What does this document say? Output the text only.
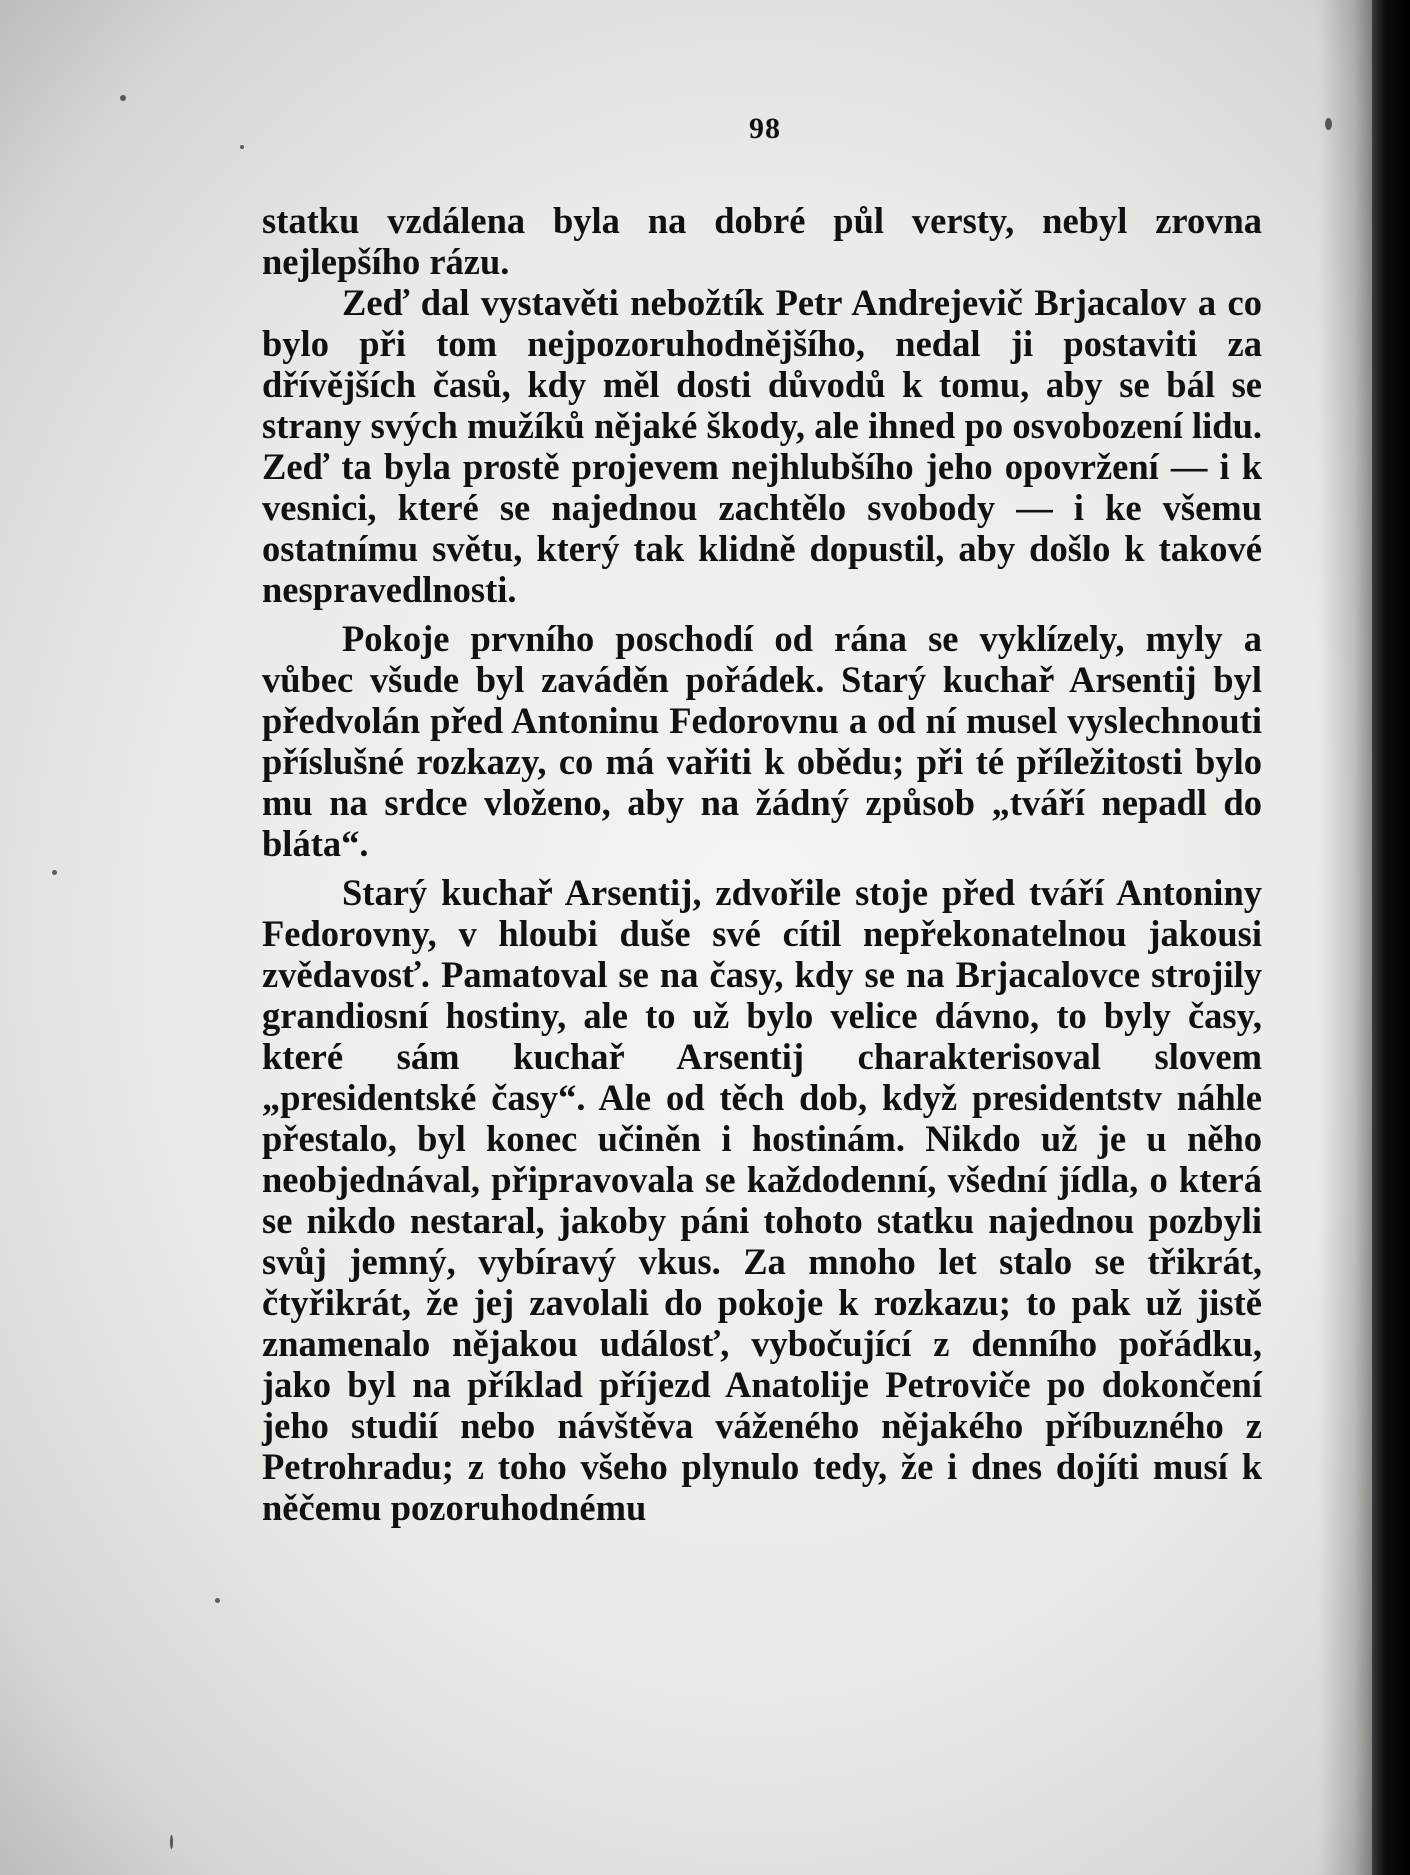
98

statku vzdálena byla na dobré půl versty, nebyl zrovna nejlepšího rázu.

Zeď dal vystavěti nebožtík Petr Andrejevič Brjacalov a co bylo při tom nejpozoruhodnějšího, nedal ji postaviti za dřívějších časů, kdy měl dosti důvodů k tomu, aby se bál se strany svých mužíků nějaké škody, ale ihned po osvobození lidu. Zeď ta byla prostě projevem nejhlubšího jeho opovržení — i k vesnici, které se najednou zachtělo svobody — i ke všemu ostatnímu světu, který tak klidně dopustil, aby došlo k takové nespravedlnosti.

Pokoje prvního poschodí od rána se vyklízely, myly a vůbec všude byl zaváděn pořádek. Starý kuchař Arsentij byl předvolán před Antoninu Fedorovnu a od ní musel vyslechnouti příslušné rozkazy, co má vařiti k obědu; při té příležitosti bylo mu na srdce vloženo, aby na žádný způsob „tváří nepadl do bláta“.

Starý kuchař Arsentij, zdvořile stoje před tváří Antoniny Fedorovny, v hloubi duše své cítil nepřekonatelnou jakousi zvědavosť. Pamatoval se na časy, kdy se na Brjacalovce strojily grandiosní hostiny, ale to už bylo velice dávno, to byly časy, které sám kuchař Arsentij charakterisoval slovem „presidentské časy“. Ale od těch dob, když presidentstv náhle přestalo, byl konec učiněn i hostinám. Nikdo už je u něho neobjednával, připravovala se každodenní, všední jídla, o která se nikdo nestaral, jakoby páni tohoto statku najednou pozbyli svůj jemný, vybíravý vkus. Za mnoho let stalo se třikrát, čtyřikrát, že jej zavolali do pokoje k rozkazu; to pak už jistě znamenalo nějakou událosť, vybočující z denního pořádku, jako byl na příklad příjezd Anatolije Petroviče po dokončení jeho studií nebo návštěva váženého nějakého příbuzného z Petrohradu; z toho všeho plynulo tedy, že i dnes dojíti musí k něčemu pozoruhodnému
